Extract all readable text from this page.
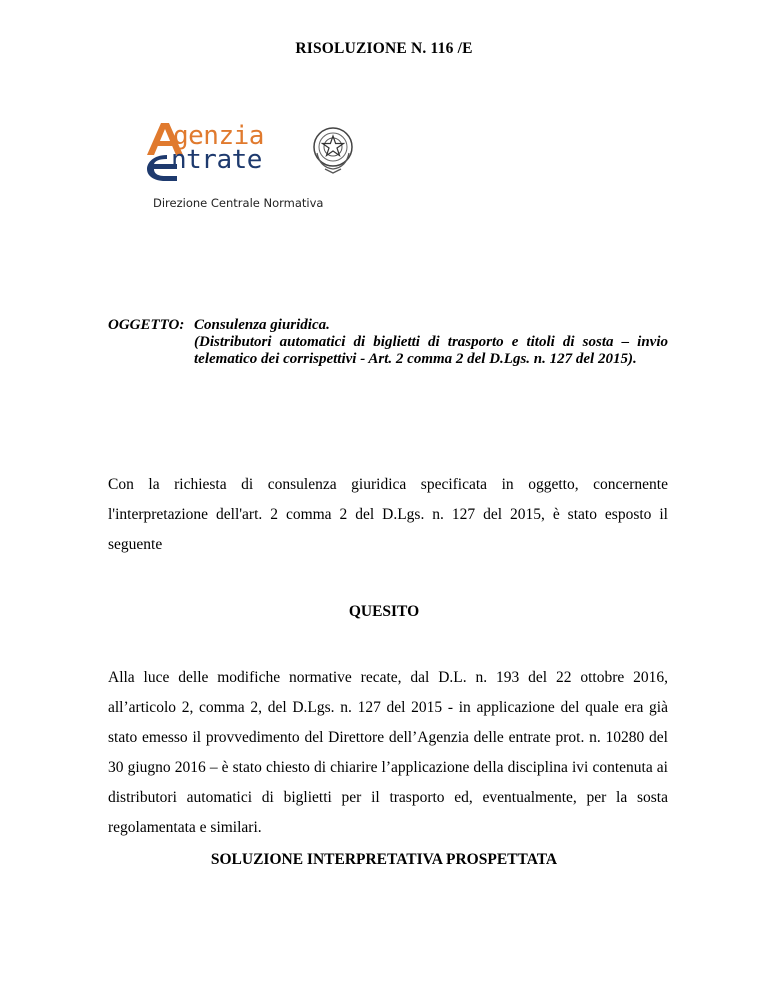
RISOLUZIONE N. 116 /E
genzia
ntrate
Direzione Centrale Normativa
OGGETTO: Consulenza giuridica.
(Distributori automatici di biglietti di trasporto e titoli di sosta – invio telematico dei corrispettivi - Art. 2 comma 2 del D.Lgs. n. 127 del 2015).
Con la richiesta di consulenza giuridica specificata in oggetto, concernente l'interpretazione dell'art. 2 comma 2 del D.Lgs. n. 127 del 2015, è stato esposto il seguente
QUESITO
Alla luce delle modifiche normative recate, dal D.L. n. 193 del 22 ottobre 2016, all’articolo 2, comma 2, del D.Lgs. n. 127 del 2015 - in applicazione del quale era già stato emesso il provvedimento del Direttore dell’Agenzia delle entrate prot. n. 10280 del 30 giugno 2016 – è stato chiesto di chiarire l’applicazione della disciplina ivi contenuta ai distributori automatici di biglietti per il trasporto ed, eventualmente, per la sosta regolamentata e similari.
SOLUZIONE INTERPRETATIVA PROSPETTATA
